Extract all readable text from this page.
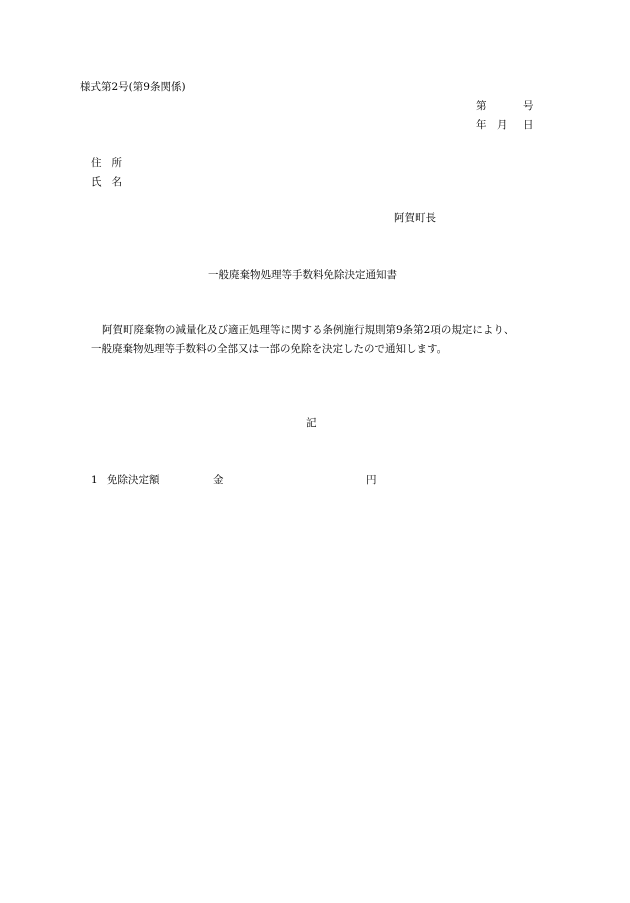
様式第2号(第9条関係)
第	号
年 月 日
住所
氏名
阿賀町長
一般廃棄物処理等手数料免除決定通知書
阿賀町廃棄物の減量化及び適正処理等に関する条例施行規則第9条第2項の規定により、
一般廃棄物処理等手数料の全部又は一部の免除を決定したので通知します。
記
1 免除決定額	金	円
